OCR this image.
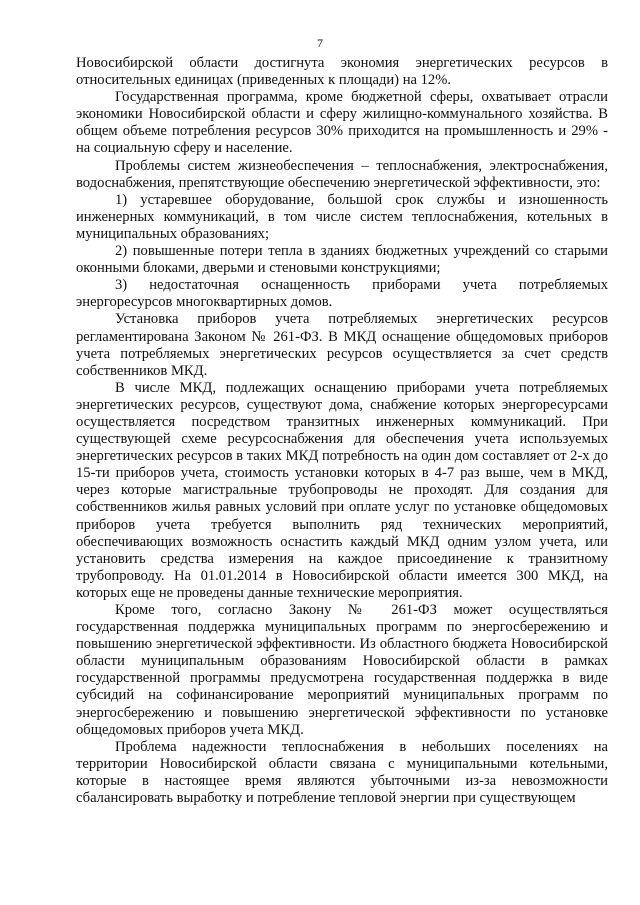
7

Новосибирской области достигнута экономия энергетических ресурсов в относительных единицах (приведенных к площади) на 12%.

Государственная программа, кроме бюджетной сферы, охватывает отрасли экономики Новосибирской области и сферу жилищно-коммунального хозяйства. В общем объеме потребления ресурсов 30% приходится на промышленность и 29% - на социальную сферу и население.

Проблемы систем жизнеобеспечения – теплоснабжения, электроснабжения, водоснабжения, препятствующие обеспечению энергетической эффективности, это:

1) устаревшее оборудование, большой срок службы и изношенность инженерных коммуникаций, в том числе систем теплоснабжения, котельных в муниципальных образованиях;

2) повышенные потери тепла в зданиях бюджетных учреждений со старыми оконными блоками, дверьми и стеновыми конструкциями;

3) недостаточная оснащенность приборами учета потребляемых энергоресурсов многоквартирных домов.

Установка приборов учета потребляемых энергетических ресурсов регламентирована Законом № 261-ФЗ. В МКД оснащение общедомовых приборов учета потребляемых энергетических ресурсов осуществляется за счет средств собственников МКД.

В числе МКД, подлежащих оснащению приборами учета потребляемых энергетических ресурсов, существуют дома, снабжение которых энергоресурсами осуществляется посредством транзитных инженерных коммуникаций. При существующей схеме ресурсоснабжения для обеспечения учета используемых энергетических ресурсов в таких МКД потребность на один дом составляет от 2-х до 15-ти приборов учета, стоимость установки которых в 4-7 раз выше, чем в МКД, через которые магистральные трубопроводы не проходят. Для создания для собственников жилья равных условий при оплате услуг по установке общедомовых приборов учета требуется выполнить ряд технических мероприятий, обеспечивающих возможность оснастить каждый МКД одним узлом учета, или установить средства измерения на каждое присоединение к транзитному трубопроводу. На 01.01.2014 в Новосибирской области имеется 300 МКД, на которых еще не проведены данные технические мероприятия.

Кроме того, согласно Закону № 261-ФЗ может осуществляться государственная поддержка муниципальных программ по энергосбережению и повышению энергетической эффективности. Из областного бюджета Новосибирской области муниципальным образованиям Новосибирской области в рамках государственной программы предусмотрена государственная поддержка в виде субсидий на софинансирование мероприятий муниципальных программ по энергосбережению и повышению энергетической эффективности по установке общедомовых приборов учета МКД.

Проблема надежности теплоснабжения в небольших поселениях на территории Новосибирской области связана с муниципальными котельными, которые в настоящее время являются убыточными из-за невозможности сбалансировать выработку и потребление тепловой энергии при существующем
